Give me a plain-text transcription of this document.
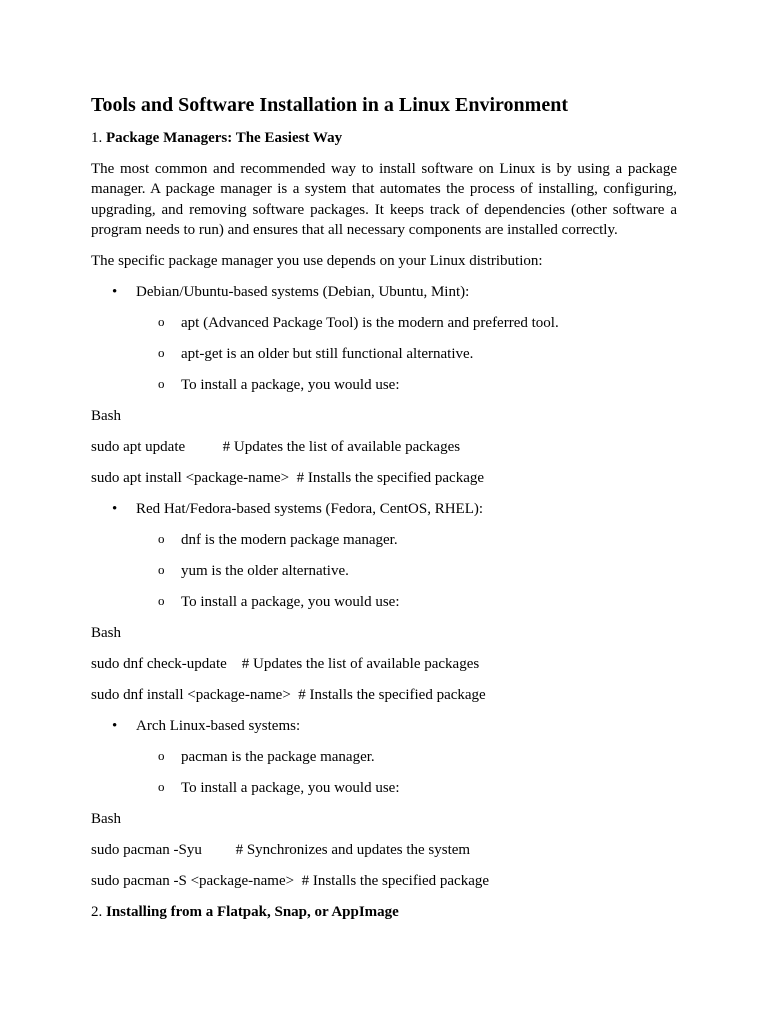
Tools and Software Installation in a Linux Environment
1. Package Managers: The Easiest Way

The most common and recommended way to install software on Linux is by using a package manager. A package manager is a system that automates the process of installing, configuring, upgrading, and removing software packages. It keeps track of dependencies (other software a program needs to run) and ensures that all necessary components are installed correctly.

The specific package manager you use depends on your Linux distribution:

• Debian/Ubuntu-based systems (Debian, Ubuntu, Mint):
o apt (Advanced Package Tool) is the modern and preferred tool.
o apt-get is an older but still functional alternative.
o To install a package, you would use:
Bash
sudo apt update          # Updates the list of available packages
sudo apt install <package-name>  # Installs the specified package
• Red Hat/Fedora-based systems (Fedora, CentOS, RHEL):
o dnf is the modern package manager.
o yum is the older alternative.
o To install a package, you would use:
Bash
sudo dnf check-update    # Updates the list of available packages
sudo dnf install <package-name>  # Installs the specified package
• Arch Linux-based systems:
o pacman is the package manager.
o To install a package, you would use:
Bash
sudo pacman -Syu         # Synchronizes and updates the system
sudo pacman -S <package-name>  # Installs the specified package
2. Installing from a Flatpak, Snap, or AppImage
